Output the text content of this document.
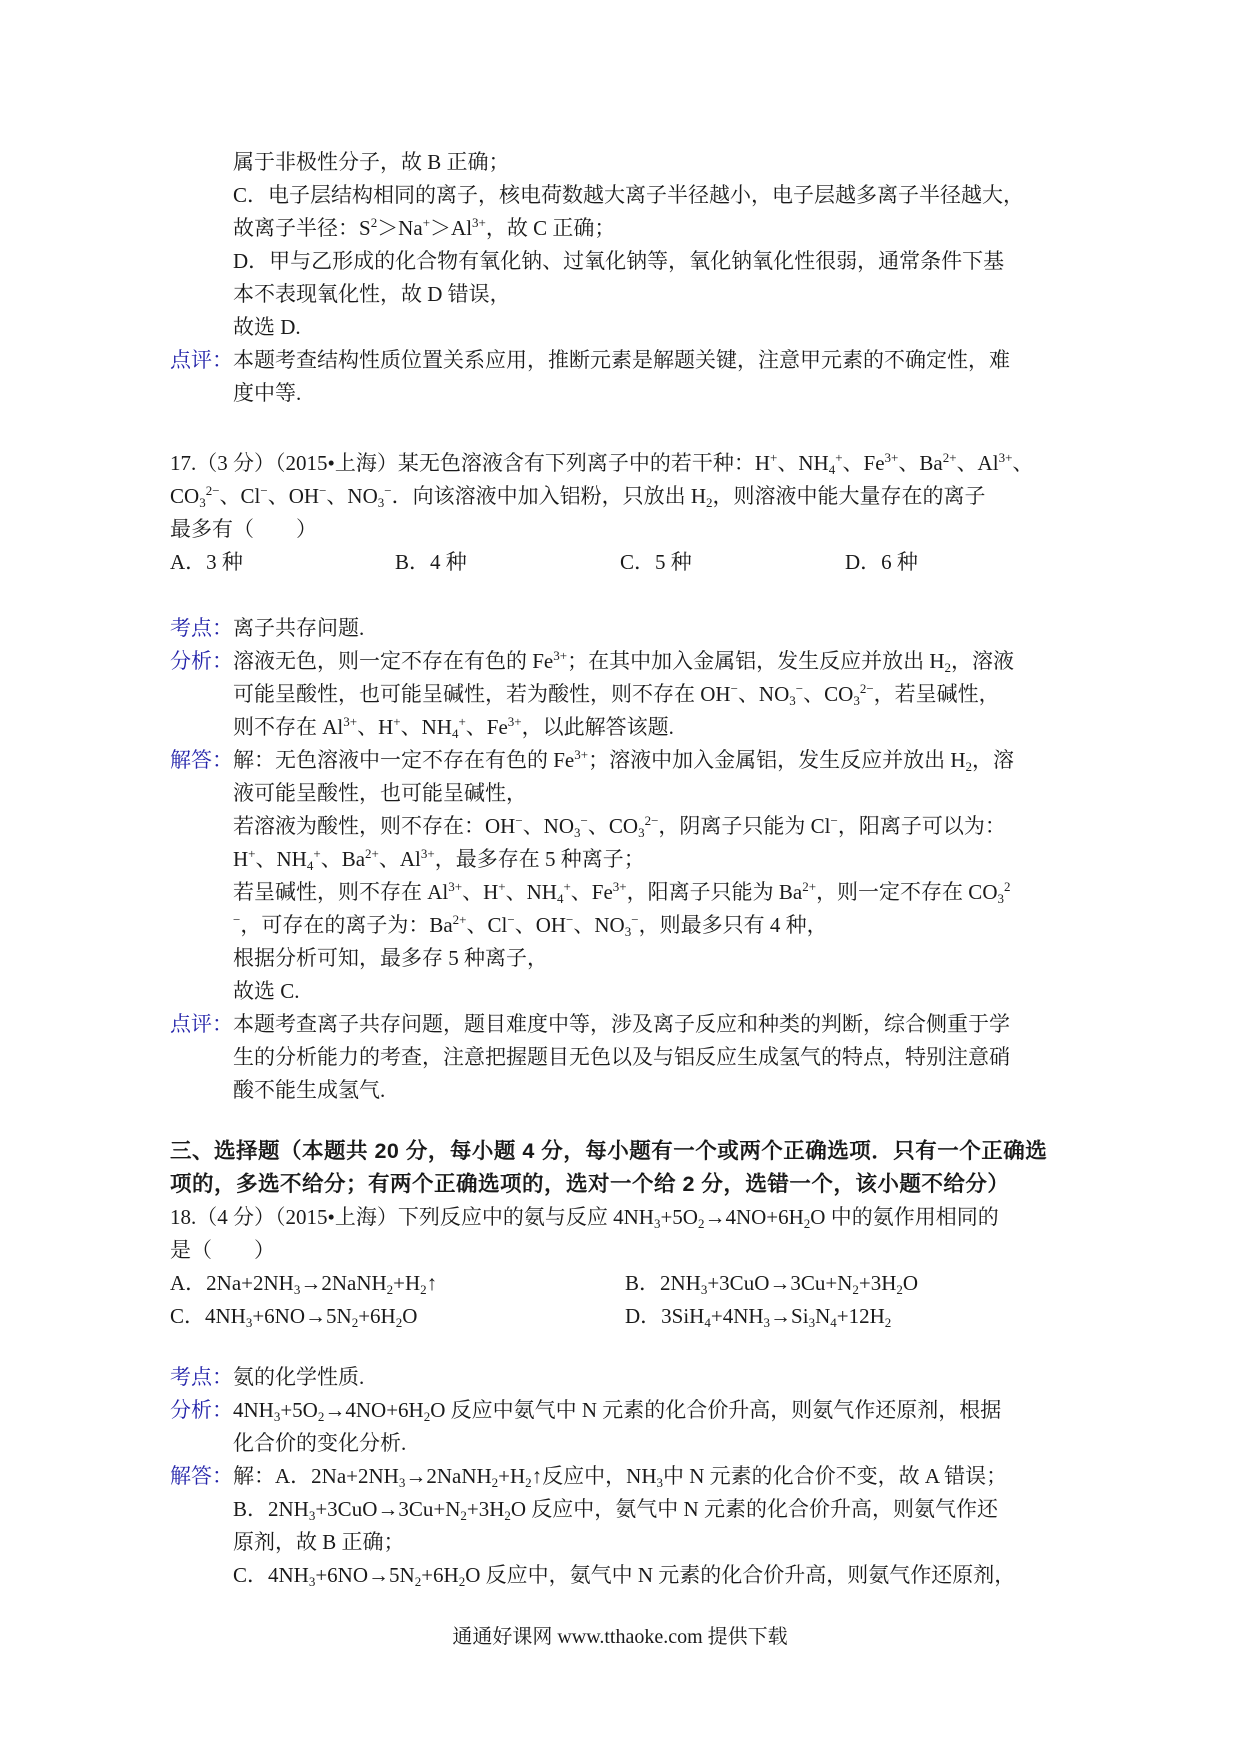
属于非极性分子，故 B 正确；
C．电子层结构相同的离子，核电荷数越大离子半径越小，电子层越多离子半径越大，
故离子半径：$S^2>Na^+>Al^{3+}$，故 C 正确；
D．甲与乙形成的化合物有氧化钠、过氧化钠等，氧化钠氧化性很弱，通常条件下基
本不表现氧化性，故 D 错误，
故选 D.
点评： 本题考查结构性质位置关系应用，推断元素是解题关键，注意甲元素的不确定性，难
度中等.
17.（3 分）（2015•上海）某无色溶液含有下列离子中的若干种：H+、$NH_4^+$、$Fe^{3+}$、$Ba^{2+}$、$Al^{3+}$、
$CO_3^{2-}$、Cl−、OH−、$NO_3^-$．向该溶液中加入铝粉，只放出 $H_2$，则溶液中能大量存在的离子
最多有（　　）
A．3 种	B．4 种	C．5 种	D．6 种
考点： 离子共存问题.
分析： 溶液无色，则一定不存在有色的 $Fe^{3+}$；在其中加入金属铝，发生反应并放出 $H_2$，溶液
可能呈酸性，也可能呈碱性，若为酸性，则不存在 OH−、$NO_3^-$、$CO_3^{2-}$，若呈碱性，
则不存在 $Al^{3+}$、H+、$NH_4^+$、$Fe^{3+}$，以此解答该题.
解答： 解：无色溶液中一定不存在有色的 $Fe^{3+}$；溶液中加入金属铝，发生反应并放出 $H_2$，溶
液可能呈酸性，也可能呈碱性，
若溶液为酸性，则不存在：OH−、$NO_3^-$、$CO_3^{2-}$，阴离子只能为 Cl−，阳离子可以为：
H+、$NH_4^+$、$Ba^{2+}$、$Al^{3+}$，最多存在 5 种离子；
若呈碱性，则不存在 $Al^{3+}$、H+、$NH_4^+$、$Fe^{3+}$，阳离子只能为 $Ba^{2+}$，则一定不存在 $CO_3^2$
−，可存在的离子为：$Ba^{2+}$、Cl−、OH−、$NO_3^-$，则最多只有 4 种，
根据分析可知，最多存 5 种离子，
故选 C.
点评： 本题考查离子共存问题，题目难度中等，涉及离子反应和种类的判断，综合侧重于学
生的分析能力的考查，注意把握题目无色以及与铝反应生成氢气的特点，特别注意硝
酸不能生成氢气.
三、选择题（本题共 20 分，每小题 4 分，每小题有一个或两个正确选项．只有一个正确选
项的，多选不给分；有两个正确选项的，选对一个给 2 分，选错一个，该小题不给分）
18.（4 分）（2015•上海）下列反应中的氨与反应 $4NH_3+5O_2\to 4NO+6H_2O$ 中的氨作用相同的
是（　　）
A．$2Na+2NH_3\to 2NaNH_2+H_2↑$	B．$2NH_3+3CuO\to 3Cu+N_2+3H_2O$
C．$4NH_3+6NO\to 5N_2+6H_2O$	D．$3SiH_4+4NH_3\to Si_3N_4+12H_2$
考点： 氨的化学性质.
分析： $4NH_3+5O_2\to 4NO+6H_2O$ 反应中氨气中 N 元素的化合价升高，则氨气作还原剂，根据
化合价的变化分析.
解答： 解：A．$2Na+2NH_3\to 2NaNH_2+H_2↑$反应中，$NH_3$中 N 元素的化合价不变，故 A 错误；
B．$2NH_3+3CuO\to 3Cu+N_2+3H_2O$ 反应中，氨气中 N 元素的化合价升高，则氨气作还
原剂，故 B 正确；
C．$4NH_3+6NO\to 5N_2+6H_2O$ 反应中，氨气中 N 元素的化合价升高，则氨气作还原剂，
通通好课网 www.tthaoke.com 提供下载
